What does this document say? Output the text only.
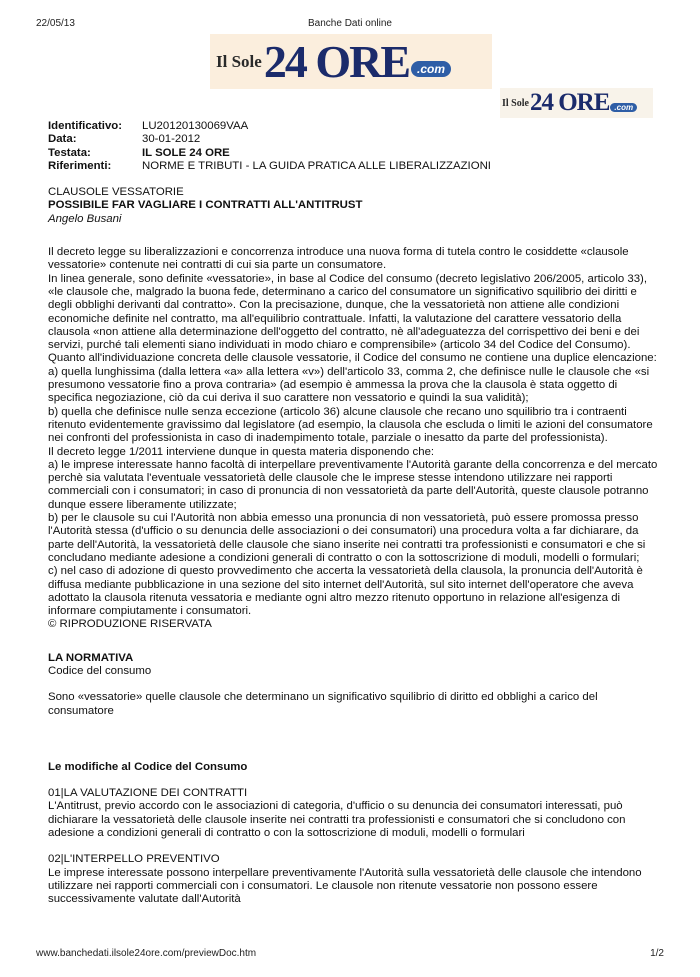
22/05/13	Banche Dati online
Il Sole 24 ORE .com
Il Sole 24 ORE .com
Identificativo:	LU20120130069VAA
Data:	30-01-2012
Testata:	IL SOLE 24 ORE
Riferimenti:	NORME E TRIBUTI - LA GUIDA PRATICA ALLE LIBERALIZZAZIONI

CLAUSOLE VESSATORIE

POSSIBILE FAR VAGLIARE I CONTRATTI ALL'ANTITRUST

Angelo Busani

Il decreto legge su liberalizzazioni e concorrenza introduce una nuova forma di tutela contro le cosiddette «clausole vessatorie» contenute nei contratti di cui sia parte un consumatore.

In linea generale, sono definite «vessatorie», in base al Codice del consumo (decreto legislativo 206/2005, articolo 33), «le clausole che, malgrado la buona fede, determinano a carico del consumatore un significativo squilibrio dei diritti e degli obblighi derivanti dal contratto». Con la precisazione, dunque, che la vessatorietà non attiene alle condizioni economiche definite nel contratto, ma all'equilibrio contrattuale. Infatti, la valutazione del carattere vessatorio della clausola «non attiene alla determinazione dell'oggetto del contratto, nè all'adeguatezza del corrispettivo dei beni e dei servizi, purché tali elementi siano individuati in modo chiaro e comprensibile» (articolo 34 del Codice del Consumo).

Quanto all'individuazione concreta delle clausole vessatorie, il Codice del consumo ne contiene una duplice elencazione:

a) quella lunghissima (dalla lettera «a» alla lettera «v») dell'articolo 33, comma 2, che definisce nulle le clausole che «si presumono vessatorie fino a prova contraria» (ad esempio è ammessa la prova che la clausola è stata oggetto di specifica negoziazione, ciò da cui deriva il suo carattere non vessatorio e quindi la sua validità);

b) quella che definisce nulle senza eccezione (articolo 36) alcune clausole che recano uno squilibrio tra i contraenti ritenuto evidentemente gravissimo dal legislatore (ad esempio, la clausola che escluda o limiti le azioni del consumatore nei confronti del professionista in caso di inadempimento totale, parziale o inesatto da parte del professionista).

Il decreto legge 1/2011 interviene dunque in questa materia disponendo che:

a) le imprese interessate hanno facoltà di interpellare preventivamente l'Autorità garante della concorrenza e del mercato perchè sia valutata l'eventuale vessatorietà delle clausole che le imprese stesse intendono utilizzare nei rapporti commerciali con i consumatori; in caso di pronuncia di non vessatorietà da parte dell'Autorità, queste clausole potranno dunque essere liberamente utilizzate;

b) per le clausole su cui l'Autorità non abbia emesso una pronuncia di non vessatorietà, può essere promossa presso l'Autorità stessa (d'ufficio o su denuncia delle associazioni o dei consumatori) una procedura volta a far dichiarare, da parte dell'Autorità, la vessatorietà delle clausole che siano inserite nei contratti tra professionisti e consumatori e che si concludano mediante adesione a condizioni generali di contratto o con la sottoscrizione di moduli, modelli o formulari;

c) nel caso di adozione di questo provvedimento che accerta la vessatorietà della clausola, la pronuncia dell'Autorità è diffusa mediante pubblicazione in una sezione del sito internet dell'Autorità, sul sito internet dell'operatore che aveva adottato la clausola ritenuta vessatoria e mediante ogni altro mezzo ritenuto opportuno in relazione all'esigenza di informare compiutamente i consumatori.

© RIPRODUZIONE RISERVATA

LA NORMATIVA

Codice del consumo

Sono «vessatorie» quelle clausole che determinano un significativo squilibrio di diritto ed obblighi a carico del consumatore

Le modifiche al Codice del Consumo

01|LA VALUTAZIONE DEI CONTRATTI

L'Antitrust, previo accordo con le associazioni di categoria, d'ufficio o su denuncia dei consumatori interessati, può dichiarare la vessatorietà delle clausole inserite nei contratti tra professionisti e consumatori che si concludono con adesione a condizioni generali di contratto o con la sottoscrizione di moduli, modelli o formulari

02|L'INTERPELLO PREVENTIVO

Le imprese interessate possono interpellare preventivamente l'Autorità sulla vessatorietà delle clausole che intendono utilizzare nei rapporti commerciali con i consumatori. Le clausole non ritenute vessatorie non possono essere successivamente valutate dall'Autorità

www.banchedati.ilsole24ore.com/previewDoc.htm	1/2
